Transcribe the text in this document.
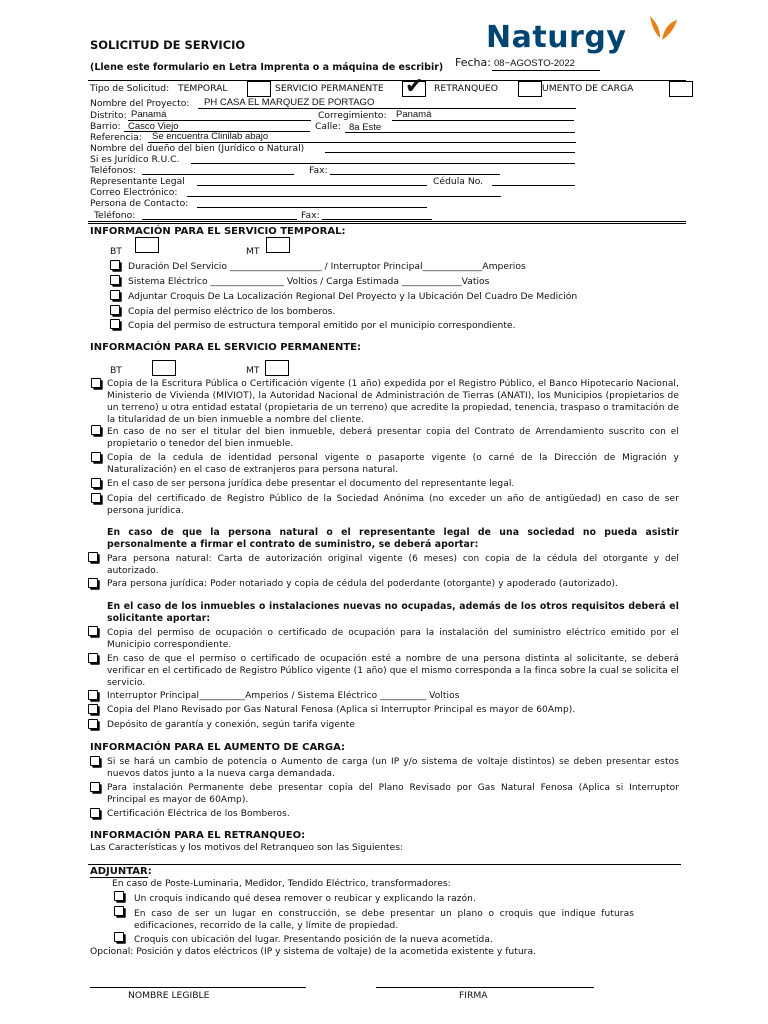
SOLICITUD DE SERVICIO
(Llene este formulario en Letra Imprenta o a máquina de escribir)
Naturgy
Fecha: 08−AGOSTO-2022
Tipo de Solicitud: TEMPORAL	SERVICIO PERMANENTE ✔ RETRANQUEO	UMENTO DE CARGA
Nombre del Proyecto: PH CASA EL MARQUEZ DE PORTAGO
Distrito: Panamá	Corregimiento: Panamá
Barrio: Casco Viejo	Calle: 8a Este
Referencia: Se encuentra Clinilab abajo
Nombre del dueño del bien (Jurídico o Natural)
Si es Jurídico R.U.C.
Teléfonos:	Fax:
Representante Legal	Cédula No.
Correo Electrónico:
Persona de Contacto:
Teléfono:	Fax:
INFORMACIÓN PARA EL SERVICIO TEMPORAL:
BT	MT
Duración Del Servicio ____________________ / Interruptor Principal_____________Amperios
Sistema Eléctrico ________________ Voltios / Carga Estimada _____________Vatios
Adjuntar Croquis De La Localización Regional Del Proyecto y la Ubicación Del Cuadro De Medición
Copia del permiso eléctrico de los bomberos.
Copia del permiso de estructura temporal emitido por el municipio correspondiente.
INFORMACIÓN PARA EL SERVICIO PERMANENTE:
BT	MT
Copia de la Escritura Pública o Certificación vigente (1 año) expedida por el Registro Público, el Banco Hipotecario Nacional, Ministerio de Vivienda (MIVIOT), la Autoridad Nacional de Administración de Tierras (ANATI), los Municipios (propietarios de un terreno) u otra entidad estatal (propietaria de un terreno) que acredite la propiedad, tenencia, traspaso o tramitación de la titularidad de un bien inmueble a nombre del cliente.
En caso de no ser el titular del bien inmueble, deberá presentar copia del Contrato de Arrendamiento suscrito con el propietario o tenedor del bien inmueble.
Copia de la cedula de identidad personal vigente o pasaporte vigente (o carné de la Dirección de Migración y Naturalización) en el caso de extranjeros para persona natural.
En el caso de ser persona jurídica debe presentar el documento del representante legal.
Copia del certificado de Registro Público de la Sociedad Anónima (no exceder un año de antigüedad) en caso de ser persona jurídica.
En caso de que la persona natural o el representante legal de una sociedad no pueda asistir personalmente a firmar el contrato de suministro, se deberá aportar:
Para persona natural: Carta de autorización original vigente (6 meses) con copia de la cédula del otorgante y del autorizado.
Para persona jurídica: Poder notariado y copia de cédula del poderdante (otorgante) y apoderado (autorizado).
En el caso de los inmuebles o instalaciones nuevas no ocupadas, además de los otros requisitos deberá el solicitante aportar:
Copia del permiso de ocupación o certificado de ocupación para la instalación del suministro eléctrico emitido por el Municipio correspondiente.
En caso de que el permiso o certificado de ocupación esté a nombre de una persona distinta al solicitante, se deberá verificar en el certificado de Registro Público vigente (1 año) que el mismo corresponda a la finca sobre la cual se solicita el servicio.
Interruptor Principal__________Amperios / Sistema Eléctrico __________ Voltios
Copia del Plano Revisado por Gas Natural Fenosa (Aplica si Interruptor Principal es mayor de 60Amp).
Depósito de garantía y conexión, según tarifa vigente
INFORMACIÓN PARA EL AUMENTO DE CARGA:
Si se hará un cambio de potencia o Aumento de carga (un IP y/o sistema de voltaje distintos) se deben presentar estos nuevos datos junto a la nueva carga demandada.
Para instalación Permanente debe presentar copia del Plano Revisado por Gas Natural Fenosa (Aplica si Interruptor Principal es mayor de 60Amp).
Certificación Eléctrica de los Bomberos.
INFORMACIÓN PARA EL RETRANQUEO:
Las Características y los motivos del Retranqueo son las Siguientes:
ADJUNTAR:
En caso de Poste-Luminaria, Medidor, Tendido Eléctrico, transformadores:
Un croquis indicando qué desea remover o reubicar y explicando la razón.
En caso de ser un lugar en construcción, se debe presentar un plano o croquis que indique futuras edificaciones, recorrido de la calle, y límite de propiedad.
Croquis con ubicación del lugar. Presentando posición de la nueva acometida.
Opcional: Posición y datos eléctricos (IP y sistema de voltaje) de la acometida existente y futura.
NOMBRE LEGIBLE	FIRMA
